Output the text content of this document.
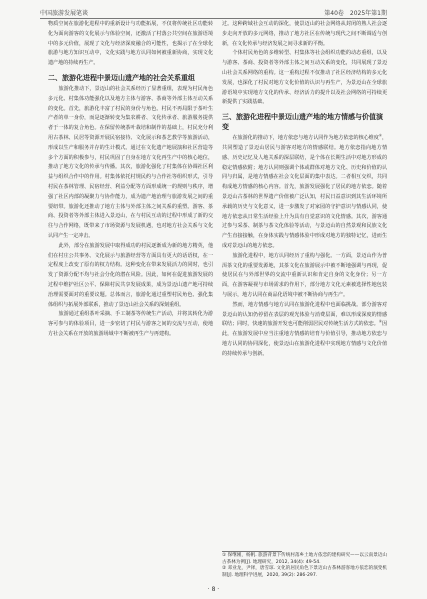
中国旅游发展笔谈	第40卷　2025年第1期

物质空间在旅游化进程中的重新设计与功能拓展，不仅将传统社区功能转化为面向游客的文化展示与体验空间，还激活了村落公共空间在旅游语境中的多元价值，展现了文化与经济深度融合的可能性，也揭示了在全球化旅游与地方知识互动中，文化实践与地方认同如何被重新协商，实现文化遗产地的持续再生产。

二、旅游化进程中景迈山遗产地的社会关系重组

旅游化推动下，景迈山的社会关系经历了显著重组，表现为村民角色多元化、村集体功能强化以及地方主体与游客、茶商等外部主体互动关系的变化。首先，旅游化丰富了村民的身份与角色。村民不再局限于茶叶生产者的单一身份，而是逐渐转变为集农耕者、文化传承者、旅游服务提供者于一体的复合角色。在保留传统茶叶栽培和制作的基础上，村民充分利用古茶林、民居等资源开展民宿接待、文化展示和茶艺教学等旅游活动，形成以生产和服务并存的生计模式。通过在文化遗产地展演和社区营造等多个方面的积极参与，村民巩固了自身在地方文化再生产中的核心地位，推动了地方文化的传承与传播。其次，旅游化强化了村集体在协调社区利益与组织合作中的作用。村集体依托村规民约与合作社等组织形式，引导村民在茶林管理、民宿经营、利益分配等方面形成统一的规则与秩序，增强了社区内部的凝聚力与协作能力，成为遗产地治理与旅游发展之间的重要纽带。旅游化还推动了地方主体与外部主体之间关系的重塑。游客、茶商、投资者等外部主体进入景迈山，在与村民互动的过程中形成了新的交往与合作网络，既带来了市场资源与发展机遇，也对地方社会关系与文化认同产生一定冲击。

此外，部分在旅游发展中取得成功的村民逐渐成为新的地方精英，他们在村庄公共事务、文化展示与旅游经营等方面具有更大的话语权，在一定程度上改变了原有的权力结构。这种变化在带来发展活力的同时，也引发了资源分配不均与社会分化的潜在风险。因此，如何在促进旅游发展的过程中维护社区公平、保障村民共享发展成果，成为景迈山遗产地可持续治理需要面对的重要议题。总体而言，旅游化通过重塑村民角色、强化集体组织与拓展外部联系，推动了景迈山社会关系的深刻重组。

旅游通过重组茶叶采摘、手工制茶等传统生产活动，并将其转化为游客可参与的体验项目，进一步密切了村民与游客之间的交流与互动，使地方社会关系在开放的旅游场域中不断被再生产与再建构。

过。这种跨域社会互动的深化，使景迈山的社会网络从封闭的熟人社会逐步走向开放的多元网络，推动了地方社区在传统与现代之间不断调适与创新，在文化传承与经济发展之间寻求新的平衡。

个体村民角色的多维转型、村集体等社会组织功能的动态重组，以及与游客、茶商、投资者等外部主体之间互动关系的变化，共同展现了景迈山社会关系网络的重构。这一重构过程不仅推动了社区经济结构的多元化发展，也深化了村民对地方文化价值的认识与再生产，为景迈山在全球旅游语境中实现地方文化的传承、经济活力的提升以及社会网络的可持续更新提供了实践基础。

三、旅游化进程中景迈山遗产地的地方情感与价值演变

在旅游化的推动下，地方依恋与地方认同作为地方依恋的核心维度①，共同塑造了景迈山居民与游客对地方的情感联结。地方依恋指向地方情感、历史记忆及人地关系的深层联结，是个体在长期生活中对地方形成的稳定情感依附；地方认同则强调个体或群体对地方文化、历史和价值的认同与归属，是地方情感在社会文化层面的集中表达。二者相互交织，共同构成地方情感的核心内容。首先，旅游发展强化了居民的地方依恋。随着景迈山古茶林的世界遗产价值被广泛认知，村民日益意识到其生活环境所承载的历史与文化意义，进一步激发了对家园的守护意识与情感认同，使地方依恋从日常生活经验上升为具有自觉意识的文化情感。其次，游客通过参与采茶、制茶与茶文化体验等活动，与景迈山的自然景观和民族文化产生直接接触，在身体实践与情感体验中形成对地方的独特记忆，进而生成对景迈山的地方依恋。

旅游化进程中，地方认同经历了重构与强化。一方面，景迈山作为普洱茶文化的重要发源地，其茶文化在旅游展示中被不断地强调与再现，促使居民在与外部世界的交流中重新认识和肯定自身的文化身份；另一方面，在游客凝视与市场需求的作用下，部分地方文化元素被选择性地包装与展示，地方认同在商品化语境中被不断协商与再生产。

然而，地方情感与地方认同在旅游化进程中也面临挑战。部分游客对景迈山的认知仍停留在表层的观光体验与消费层面，难以形成深度的情感联结；同时，快速的旅游开发也可能削弱居民对传统生活方式的依恋。②因此，在旅游发展中应当注重地方情感的培育与价值引导，推动地方依恋与地方认同的协同深化，使景迈山在旅游化进程中实现地方情感与文化价值的持续传承与创新。

① 保继刚，杨帆. 旅游背景下传统村落乡土地方依恋的建构研究——以云南景迈山古茶林为例[J]. 地理研究，2012, 34(4): 49-54.

② 邓业龙，尹铎，唐雪琼. 文化的居民角色下景迈山古茶林游客地方依恋的演变机制[J]. 地理科学进展，2020, 39(2): 286-297.

· 8 ·
